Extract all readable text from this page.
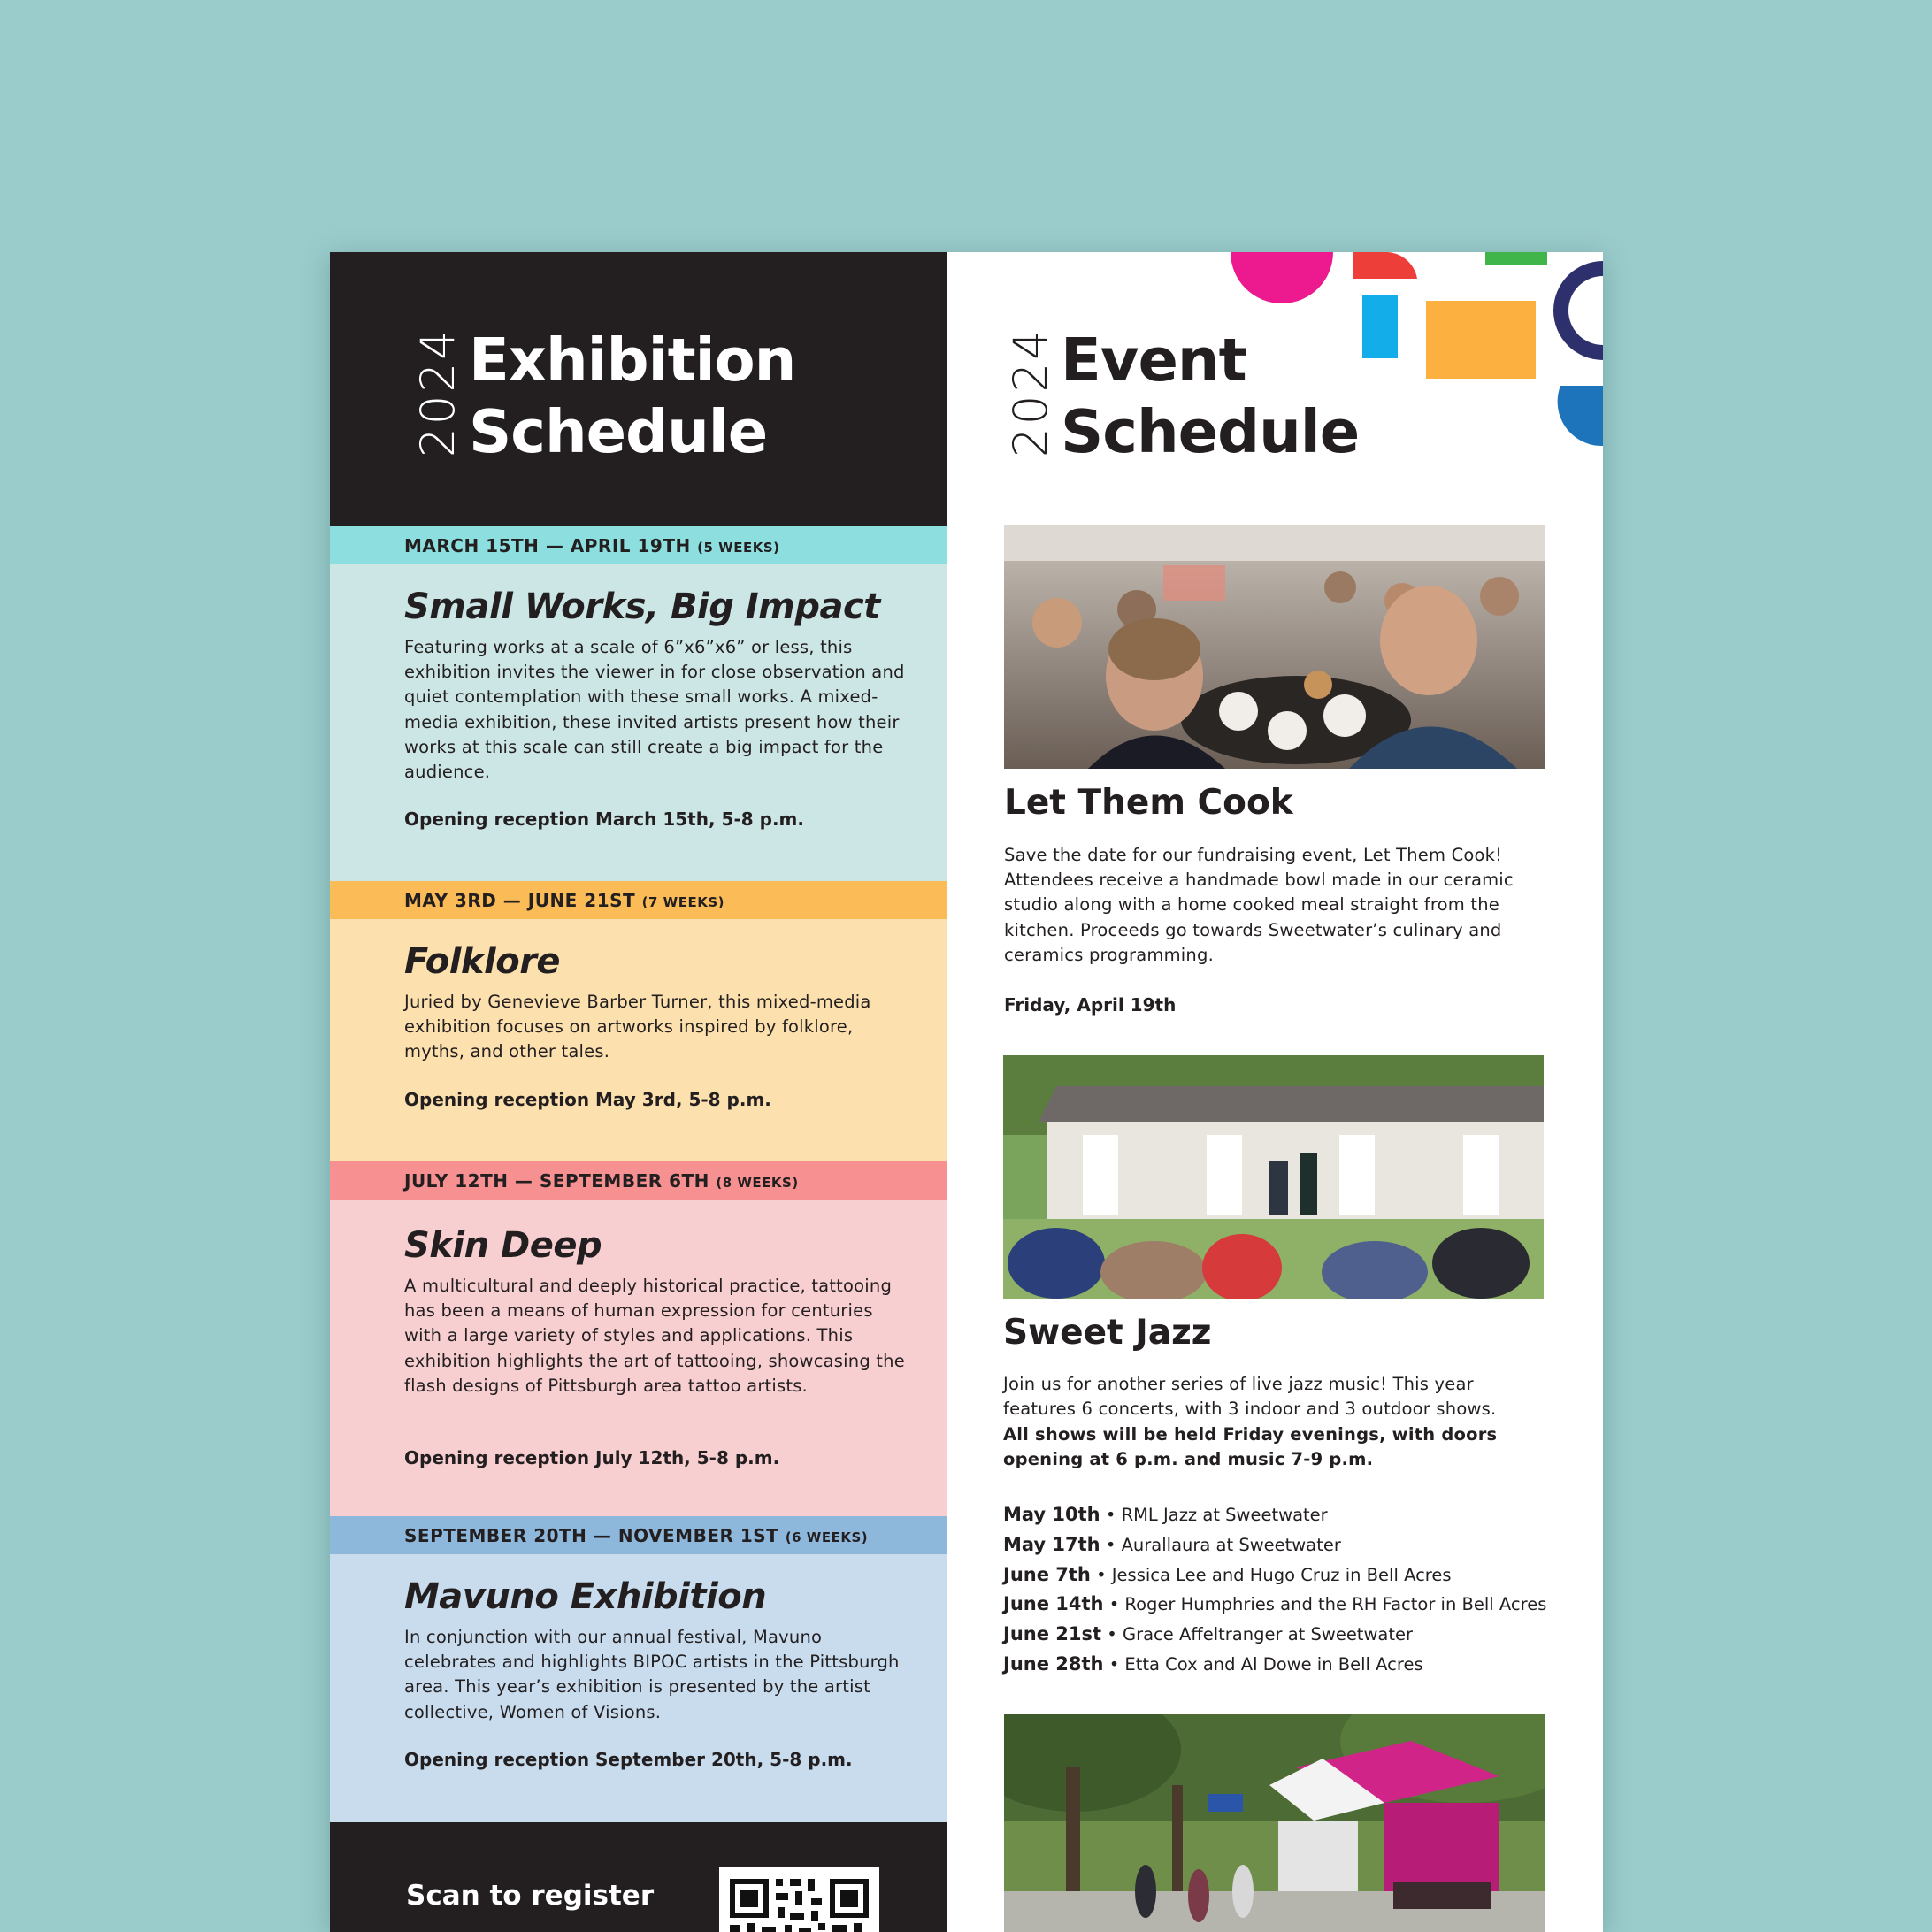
2024 Exhibition
Schedule
MARCH 15TH — APRIL 19TH (5 WEEKS)
Small Works, Big Impact

Featuring works at a scale of 6”x6”x6” or less, this exhibition invites the viewer in for close observation and quiet contemplation with these small works. A mixed-media exhibition, these invited artists present how their works at this scale can still create a big impact for the audience.

Opening reception March 15th, 5-8 p.m.

MAY 3RD — JUNE 21ST (7 WEEKS)
Folklore

Juried by Genevieve Barber Turner, this mixed-media exhibition focuses on artworks inspired by folklore, myths, and other tales.

Opening reception May 3rd, 5-8 p.m.

JULY 12TH — SEPTEMBER 6TH (8 WEEKS)
Skin Deep

A multicultural and deeply historical practice, tattooing has been a means of human expression for centuries with a large variety of styles and applications. This exhibition highlights the art of tattooing, showcasing the flash designs of Pittsburgh area tattoo artists.

Opening reception July 12th, 5-8 p.m.

SEPTEMBER 20TH — NOVEMBER 1ST (6 WEEKS)
Mavuno Exhibition

In conjunction with our annual festival, Mavuno celebrates and highlights BIPOC artists in the Pittsburgh area. This year’s exhibition is presented by the artist collective, Women of Visions.

Opening reception September 20th, 5-8 p.m.

Scan to register
2024 Event
Schedule
Let Them Cook

Save the date for our fundraising event, Let Them Cook! Attendees receive a handmade bowl made in our ceramic studio along with a home cooked meal straight from the kitchen. Proceeds go towards Sweetwater’s culinary and ceramics programming.

Friday, April 19th

Sweet Jazz

Join us for another series of live jazz music! This year features 6 concerts, with 3 indoor and 3 outdoor shows.

All shows will be held Friday evenings, with doors opening at 6 p.m. and music 7-9 p.m.

May 10th • RML Jazz at Sweetwater
May 17th • Aurallaura at Sweetwater
June 7th • Jessica Lee and Hugo Cruz in Bell Acres
June 14th • Roger Humphries and the RH Factor in Bell Acres
June 21st • Grace Affeltranger at Sweetwater
June 28th • Etta Cox and Al Dowe in Bell Acres
